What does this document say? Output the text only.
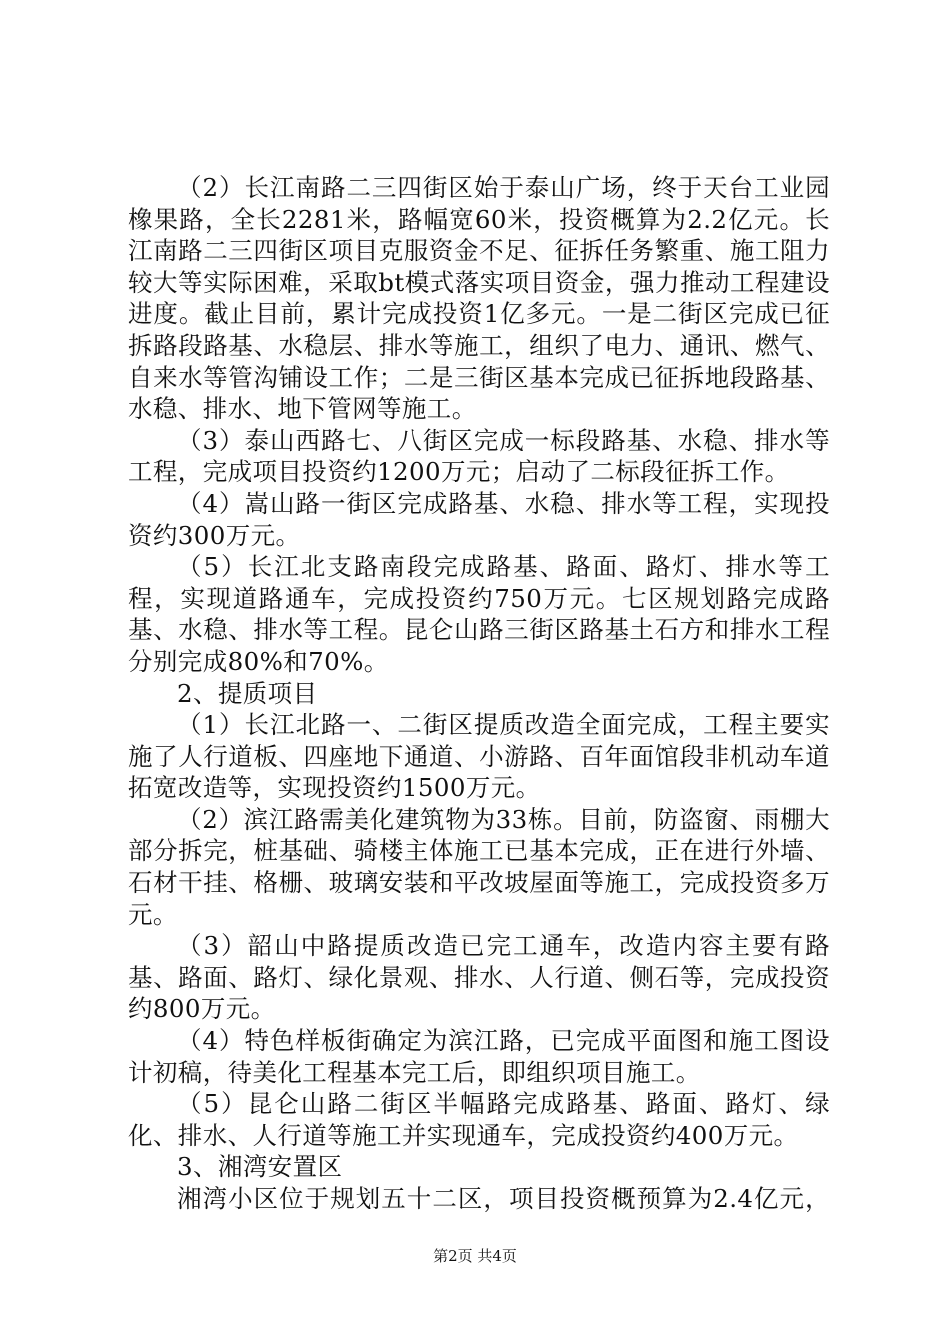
（2）长江南路二三四街区始于泰山广场，终于天台工业园橡果路，全长2281米，路幅宽60米，投资概算为2.2亿元。长江南路二三四街区项目克服资金不足、征拆任务繁重、施工阻力较大等实际困难，采取bt模式落实项目资金，强力推动工程建设进度。截止目前，累计完成投资1亿多元。一是二街区完成已征拆路段路基、水稳层、排水等施工，组织了电力、通讯、燃气、自来水等管沟铺设工作；二是三街区基本完成已征拆地段路基、水稳、排水、地下管网等施工。

（3）泰山西路七、八街区完成一标段路基、水稳、排水等工程，完成项目投资约1200万元；启动了二标段征拆工作。

（4）嵩山路一街区完成路基、水稳、排水等工程，实现投资约300万元。

（5）长江北支路南段完成路基、路面、路灯、排水等工程，实现道路通车，完成投资约750万元。七区规划路完成路基、水稳、排水等工程。昆仑山路三街区路基土石方和排水工程分别完成80%和70%。

2、提质项目

（1）长江北路一、二街区提质改造全面完成，工程主要实施了人行道板、四座地下通道、小游路、百年面馆段非机动车道拓宽改造等，实现投资约1500万元。

（2）滨江路需美化建筑物为33栋。目前，防盗窗、雨棚大部分拆完，桩基础、骑楼主体施工已基本完成，正在进行外墙、石材干挂、格栅、玻璃安装和平改坡屋面等施工，完成投资多万元。

（3）韶山中路提质改造已完工通车，改造内容主要有路基、路面、路灯、绿化景观、排水、人行道、侧石等，完成投资约800万元。

（4）特色样板街确定为滨江路，已完成平面图和施工图设计初稿，待美化工程基本完工后，即组织项目施工。

（5）昆仑山路二街区半幅路完成路基、路面、路灯、绿化、排水、人行道等施工并实现通车，完成投资约400万元。

3、湘湾安置区

湘湾小区位于规划五十二区，项目投资概预算为2.4亿元，

第2页 共4页
